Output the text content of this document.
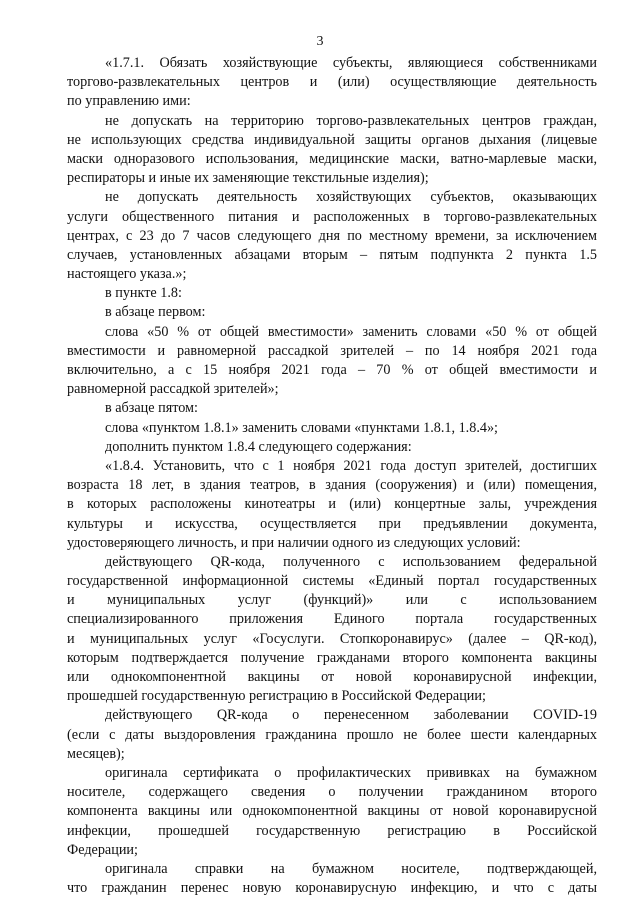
3
«1.7.1. Обязать хозяйствующие субъекты, являющиеся собственниками
торгово-развлекательных центров и (или) осуществляющие деятельность
по управлению ими:
не допускать на территорию торгово-развлекательных центров граждан,
не использующих средства индивидуальной защиты органов дыхания (лицевые
маски одноразового использования, медицинские маски, ватно-марлевые маски,
респираторы и иные их заменяющие текстильные изделия);
не допускать деятельность хозяйствующих субъектов, оказывающих
услуги общественного питания и расположенных в торгово-развлекательных
центрах, с 23 до 7 часов следующего дня по местному времени, за исключением
случаев, установленных абзацами вторым – пятым подпункта 2 пункта 1.5
настоящего указа.»;
в пункте 1.8:
в абзаце первом:
слова «50 % от общей вместимости» заменить словами «50 % от общей
вместимости и равномерной рассадкой зрителей – по 14 ноября 2021 года
включительно, а с 15 ноября 2021 года – 70 % от общей вместимости и
равномерной рассадкой зрителей»;
в абзаце пятом:
слова «пунктом 1.8.1» заменить словами «пунктами 1.8.1, 1.8.4»;
дополнить пунктом 1.8.4 следующего содержания:
«1.8.4. Установить, что с 1 ноября 2021 года доступ зрителей, достигших
возраста 18 лет, в здания театров, в здания (сооружения) и (или) помещения,
в которых расположены кинотеатры и (или) концертные залы, учреждения
культуры и искусства, осуществляется при предъявлении документа,
удостоверяющего личность, и при наличии одного из следующих условий:
действующего QR-кода, полученного с использованием федеральной
государственной информационной системы «Единый портал государственных
и муниципальных услуг (функций)» или с использованием
специализированного приложения Единого портала государственных
и муниципальных услуг «Госуслуги. Стопкоронавирус» (далее – QR-код),
которым подтверждается получение гражданами второго компонента вакцины
или однокомпонентной вакцины от новой коронавирусной инфекции,
прошедшей государственную регистрацию в Российской Федерации;
действующего QR-кода о перенесенном заболевании COVID-19
(если с даты выздоровления гражданина прошло не более шести календарных
месяцев);
оригинала сертификата о профилактических прививках на бумажном
носителе, содержащего сведения о получении гражданином второго
компонента вакцины или однокомпонентной вакцины от новой коронавирусной
инфекции, прошедшей государственную регистрацию в Российской
Федерации;
оригинала справки на бумажном носителе, подтверждающей,
что гражданин перенес новую коронавирусную инфекцию, и что с даты
